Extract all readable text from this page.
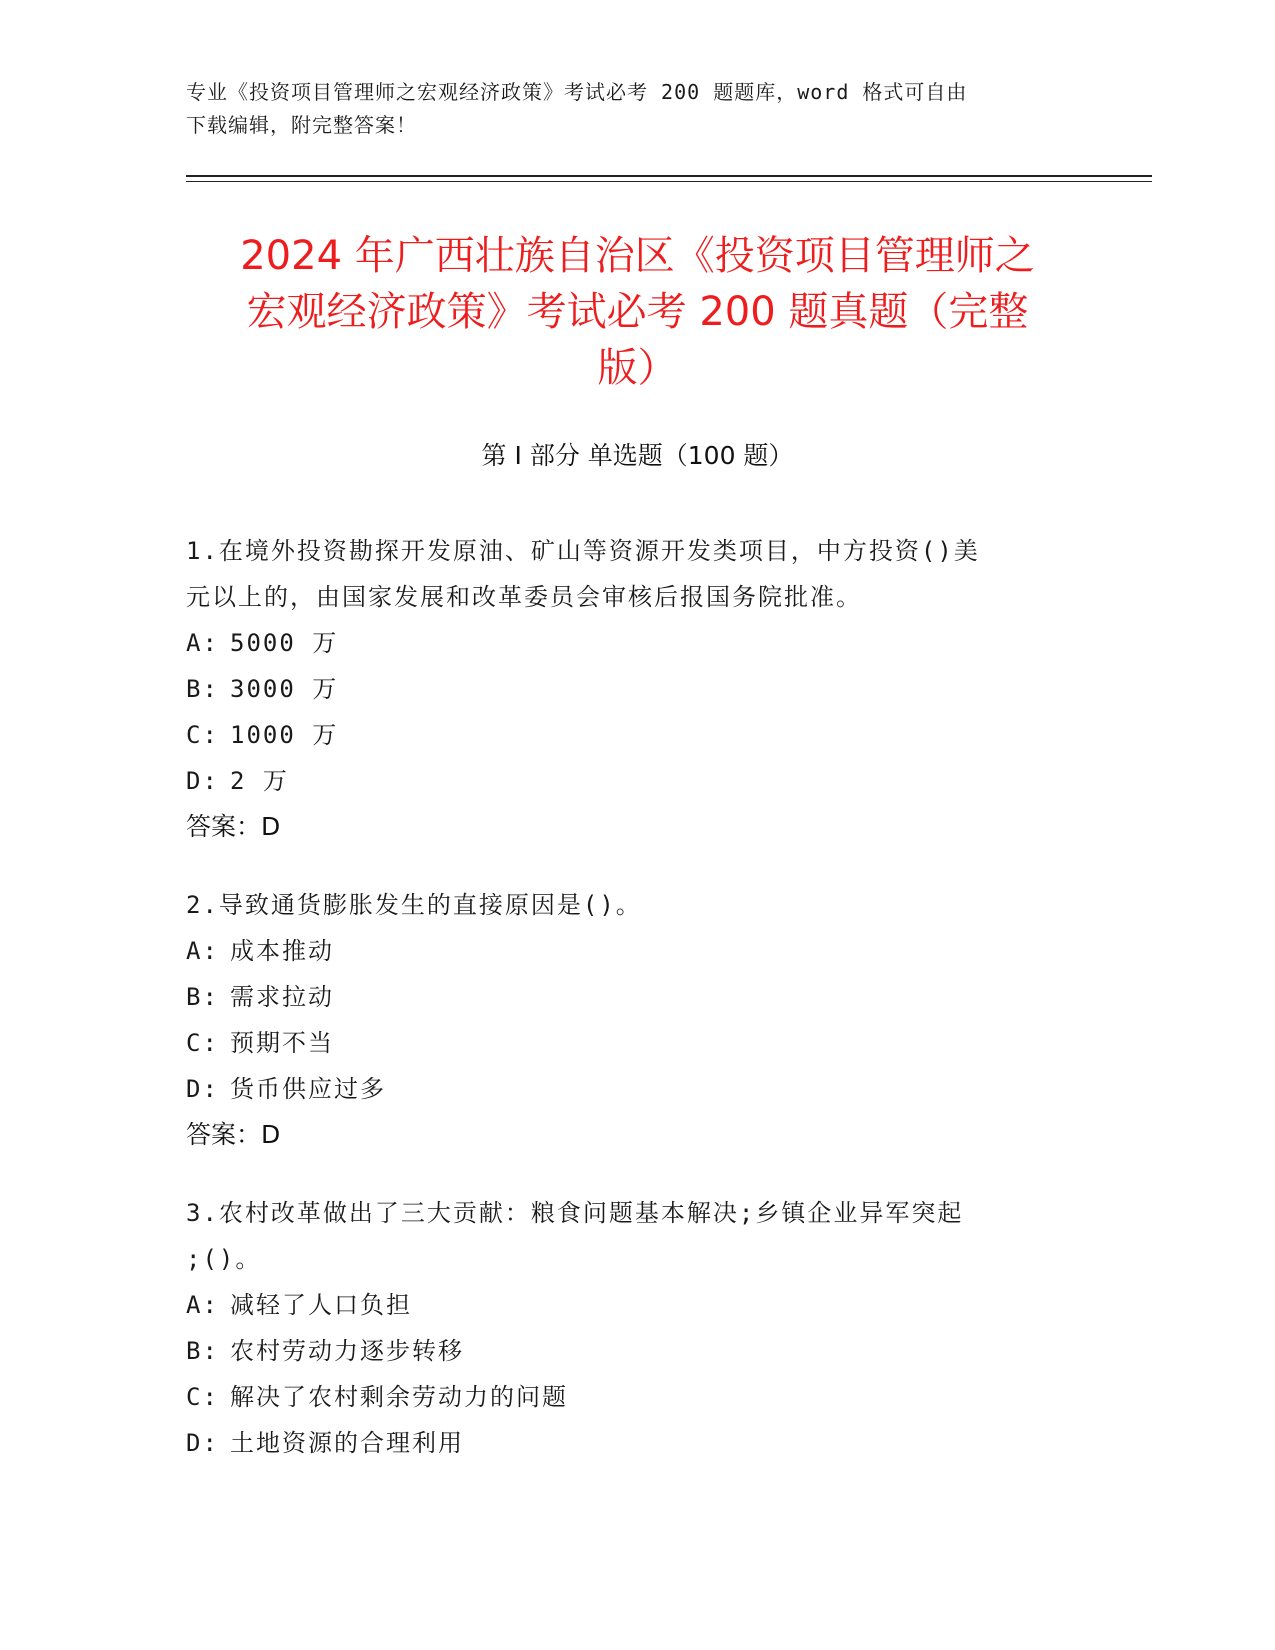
专业《投资项目管理师之宏观经济政策》考试必考 200 题题库，word 格式可自由
下载编辑，附完整答案！
2024 年广西壮族自治区《投资项目管理师之
宏观经济政策》考试必考 200 题真题（完整
版）
第 I 部分 单选题（100 题）
1.在境外投资勘探开发原油、矿山等资源开发类项目，中方投资()美
元以上的，由国家发展和改革委员会审核后报国务院批准。
A: 5000 万
B: 3000 万
C: 1000 万
D: 2 万
答案：D
2.导致通货膨胀发生的直接原因是()。
A: 成本推动
B: 需求拉动
C: 预期不当
D: 货币供应过多
答案：D
3.农村改革做出了三大贡献：粮食问题基本解决;乡镇企业异军突起
;()。
A: 减轻了人口负担
B: 农村劳动力逐步转移
C: 解决了农村剩余劳动力的问题
D: 土地资源的合理利用
